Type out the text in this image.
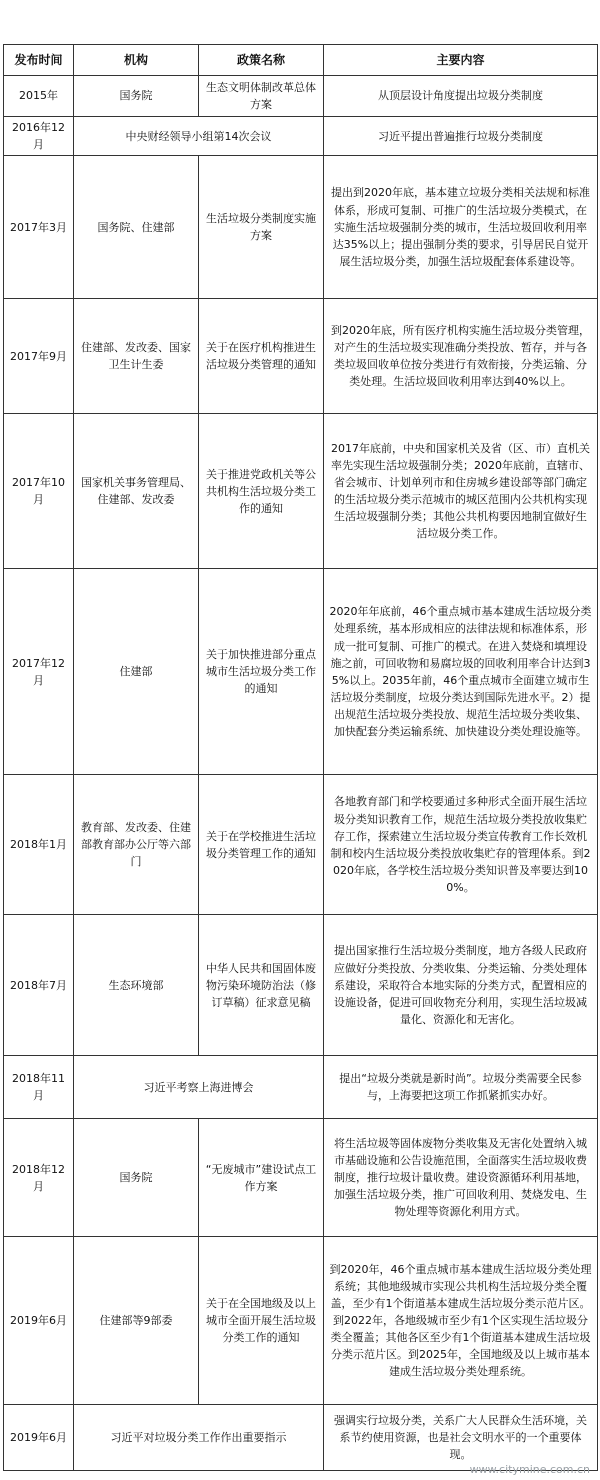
发布时间	机构	政策名称	主要内容
2015年	国务院	生态文明体制改革总体方案	从顶层设计角度提出垃圾分类制度
2016年12月	中央财经领导小组第14次会议		习近平提出普遍推行垃圾分类制度
2017年3月	国务院、住建部	生活垃圾分类制度实施方案	提出到2020年底，基本建立垃圾分类相关法规和标准体系，形成可复制、可推广的生活垃圾分类模式，在实施生活垃圾强制分类的城市，生活垃圾回收利用率达35%以上；提出强制分类的要求，引导居民自觉开展生活垃圾分类，加强生活垃圾配套体系建设等。
2017年9月	住建部、发改委、国家卫生计生委	关于在医疗机构推进生活垃圾分类管理的通知	到2020年底，所有医疗机构实施生活垃圾分类管理，对产生的生活垃圾实现准确分类投放、暂存，并与各类垃圾回收单位按分类进行有效衔接，分类运输、分类处理。生活垃圾回收利用率达到40%以上。
2017年10月	国家机关事务管理局、住建部、发改委	关于推进党政机关等公共机构生活垃圾分类工作的通知	2017年底前，中央和国家机关及省（区、市）直机关率先实现生活垃圾强制分类；2020年底前，直辖市、省会城市、计划单列市和住房城乡建设部等部门确定的生活垃圾分类示范城市的城区范围内公共机构实现生活垃圾强制分类；其他公共机构要因地制宜做好生活垃圾分类工作。
2017年12月	住建部	关于加快推进部分重点城市生活垃圾分类工作的通知	2020年年底前，46个重点城市基本建成生活垃圾分类处理系统，基本形成相应的法律法规和标准体系，形成一批可复制、可推广的模式。在进入焚烧和填埋设施之前，可回收物和易腐垃圾的回收利用率合计达到35%以上。2035年前，46个重点城市全面建立城市生活垃圾分类制度，垃圾分类达到国际先进水平。2）提出规范生活垃圾分类投放、规范生活垃圾分类收集、加快配套分类运输系统、加快建设分类处理设施等。
2018年1月	教育部、发改委、住建部教育部办公厅等六部门	关于在学校推进生活垃圾分类管理工作的通知	各地教育部门和学校要通过多种形式全面开展生活垃圾分类知识教育工作，规范生活垃圾分类投放收集贮存工作，探索建立生活垃圾分类宣传教育工作长效机制和校内生活垃圾分类投放收集贮存的管理体系。到2020年底，各学校生活垃圾分类知识普及率要达到100%。
2018年7月	生态环境部	中华人民共和国固体废物污染环境防治法（修订草稿）征求意见稿	提出国家推行生活垃圾分类制度，地方各级人民政府应做好分类投放、分类收集、分类运输、分类处理体系建设，采取符合本地实际的分类方式，配置相应的设施设备，促进可回收物充分利用，实现生活垃圾减量化、资源化和无害化。
2018年11月	习近平考察上海进博会		提出“垃圾分类就是新时尚”。垃圾分类需要全民参与，上海要把这项工作抓紧抓实办好。
2018年12月	国务院	“无废城市”建设试点工作方案	将生活垃圾等固体废物分类收集及无害化处置纳入城市基础设施和公告设施范围，全面落实生活垃圾收费制度，推行垃圾计量收费。建设资源循环利用基地，加强生活垃圾分类，推广可回收利用、焚烧发电、生物处理等资源化利用方式。
2019年6月	住建部等9部委	关于在全国地级及以上城市全面开展生活垃圾分类工作的通知	到2020年，46个重点城市基本建成生活垃圾分类处理系统；其他地级城市实现公共机构生活垃圾分类全覆盖，至少有1个街道基本建成生活垃圾分类示范片区。到2022年，各地级城市至少有1个区实现生活垃圾分类全覆盖；其他各区至少有1个街道基本建成生活垃圾分类示范片区。到2025年，全国地级及以上城市基本建成生活垃圾分类处理系统。
2019年6月	习近平对垃圾分类工作作出重要指示		强调实行垃圾分类，关系广大人民群众生活环境，关系节约使用资源，也是社会文明水平的一个重要体现。
www.citymine.com.cn
